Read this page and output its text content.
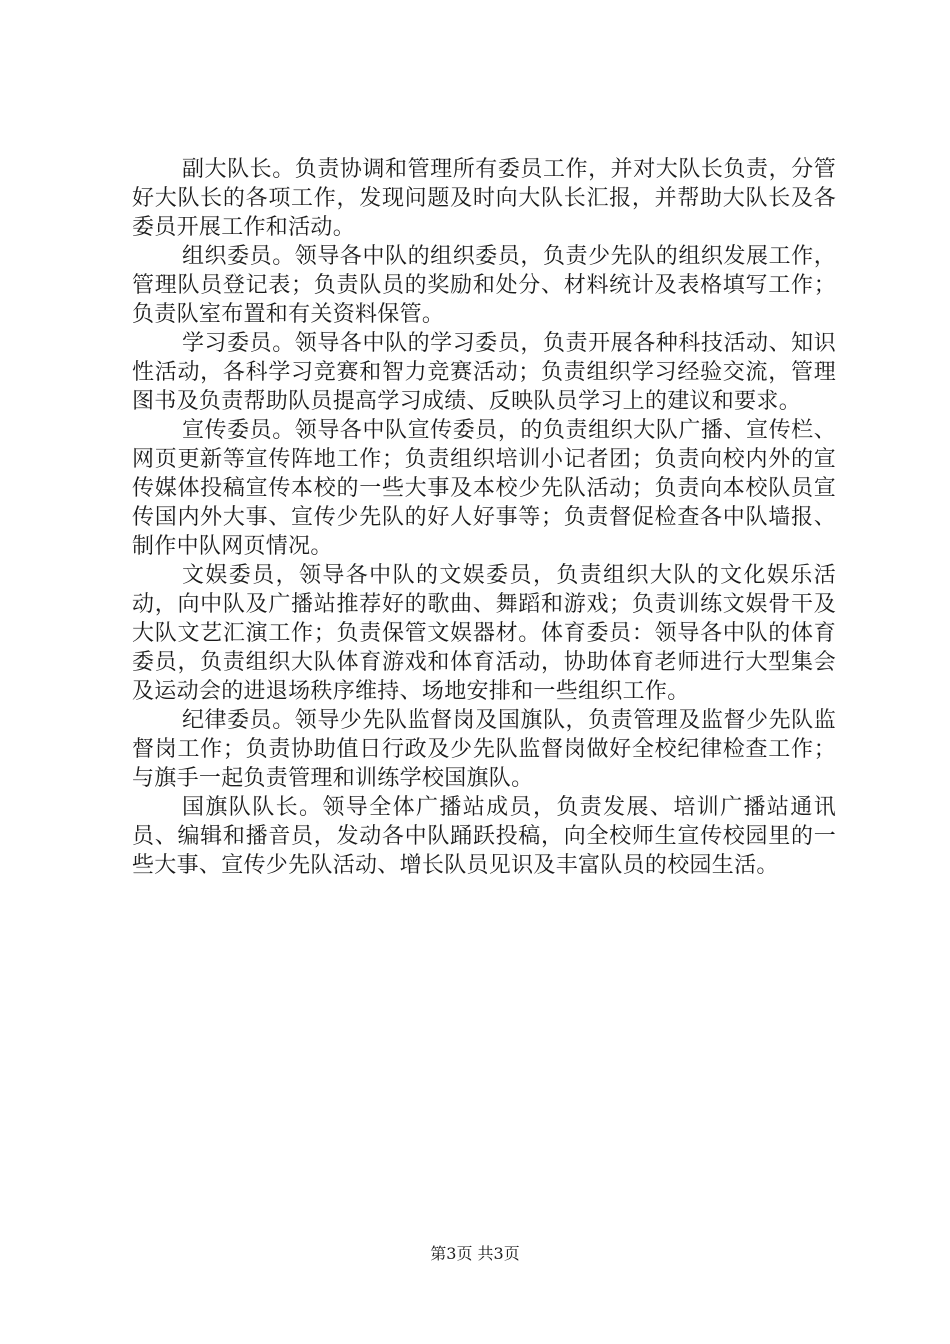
副大队长。负责协调和管理所有委员工作，并对大队长负责，分管好大队长的各项工作，发现问题及时向大队长汇报，并帮助大队长及各委员开展工作和活动。

组织委员。领导各中队的组织委员，负责少先队的组织发展工作，管理队员登记表；负责队员的奖励和处分、材料统计及表格填写工作；负责队室布置和有关资料保管。

学习委员。领导各中队的学习委员，负责开展各种科技活动、知识性活动，各科学习竞赛和智力竞赛活动；负责组织学习经验交流，管理图书及负责帮助队员提高学习成绩、反映队员学习上的建议和要求。

宣传委员。领导各中队宣传委员，的负责组织大队广播、宣传栏、网页更新等宣传阵地工作；负责组织培训小记者团；负责向校内外的宣传媒体投稿宣传本校的一些大事及本校少先队活动；负责向本校队员宣传国内外大事、宣传少先队的好人好事等；负责督促检查各中队墙报、制作中队网页情况。

文娱委员，领导各中队的文娱委员，负责组织大队的文化娱乐活动，向中队及广播站推荐好的歌曲、舞蹈和游戏；负责训练文娱骨干及大队文艺汇演工作；负责保管文娱器材。体育委员：领导各中队的体育委员，负责组织大队体育游戏和体育活动，协助体育老师进行大型集会及运动会的进退场秩序维持、场地安排和一些组织工作。

纪律委员。领导少先队监督岗及国旗队，负责管理及监督少先队监督岗工作；负责协助值日行政及少先队监督岗做好全校纪律检查工作；与旗手一起负责管理和训练学校国旗队。

国旗队队长。领导全体广播站成员，负责发展、培训广播站通讯员、编辑和播音员，发动各中队踊跃投稿，向全校师生宣传校园里的一些大事、宣传少先队活动、增长队员见识及丰富队员的校园生活。

第3页 共3页
